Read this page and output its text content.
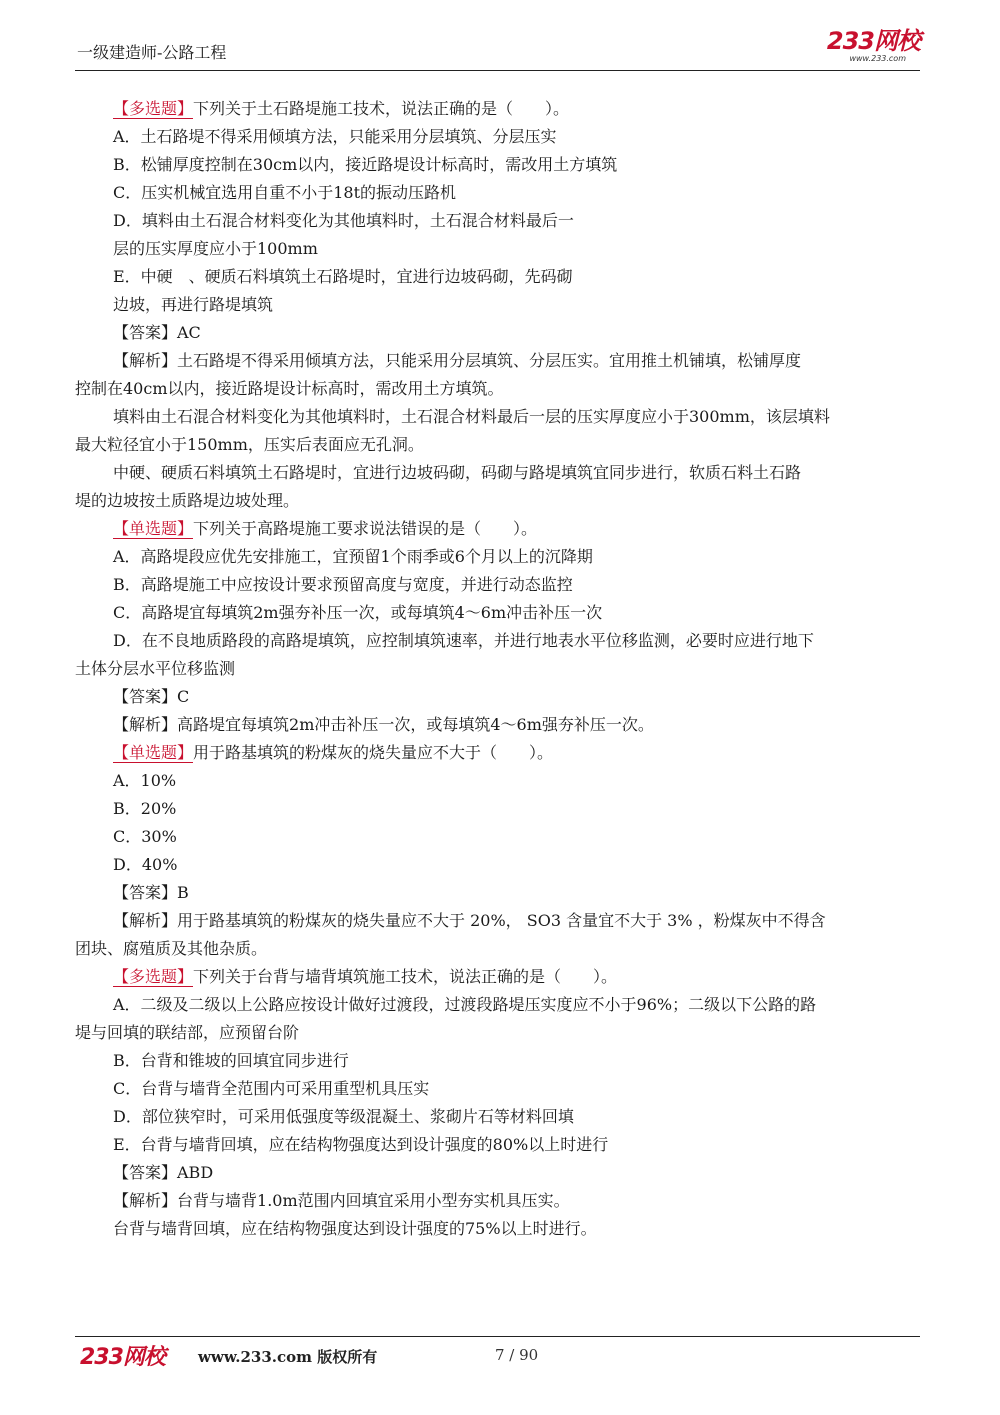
一级建造师-公路工程	233网校
www.233.com
【多选题】下列关于土石路堤施工技术，说法正确的是（　　）。
A．土石路堤不得采用倾填方法，只能采用分层填筑、分层压实
B．松铺厚度控制在30cm以内，接近路堤设计标高时，需改用土方填筑
C．压实机械宜选用自重不小于18t的振动压路机
D．填料由土石混合材料变化为其他填料时，土石混合材料最后一
层的压实厚度应小于100mm
E．中硬　、硬质石料填筑土石路堤时，宜进行边坡码砌，先码砌
边坡，再进行路堤填筑
【答案】AC
【解析】土石路堤不得采用倾填方法，只能采用分层填筑、分层压实。宜用推土机铺填，松铺厚度
控制在40cm以内，接近路堤设计标高时，需改用土方填筑。
填料由土石混合材料变化为其他填料时，土石混合材料最后一层的压实厚度应小于300mm，该层填料
最大粒径宜小于150mm，压实后表面应无孔洞。
中硬、硬质石料填筑土石路堤时，宜进行边坡码砌，码砌与路堤填筑宜同步进行，软质石料土石路
堤的边坡按土质路堤边坡处理。
【单选题】下列关于高路堤施工要求说法错误的是（　　）。
A．高路堤段应优先安排施工，宜预留1个雨季或6个月以上的沉降期
B．高路堤施工中应按设计要求预留高度与宽度，并进行动态监控
C．高路堤宜每填筑2m强夯补压一次，或每填筑4～6m冲击补压一次
D．在不良地质路段的高路堤填筑，应控制填筑速率，并进行地表水平位移监测，必要时应进行地下
土体分层水平位移监测
【答案】C
【解析】高路堤宜每填筑2m冲击补压一次，或每填筑4～6m强夯补压一次。
【单选题】用于路基填筑的粉煤灰的烧失量应不大于（　　）。
A．10%
B．20%
C．30%
D．40%
【答案】B
【解析】用于路基填筑的粉煤灰的烧失量应不大于 20%， SO3 含量宜不大于 3% ，粉煤灰中不得含
团块、腐殖质及其他杂质。
【多选题】下列关于台背与墙背填筑施工技术，说法正确的是（　　）。
A．二级及二级以上公路应按设计做好过渡段，过渡段路堤压实度应不小于96%；二级以下公路的路
堤与回填的联结部，应预留台阶
B．台背和锥坡的回填宜同步进行
C．台背与墙背全范围内可采用重型机具压实
D．部位狭窄时，可采用低强度等级混凝土、浆砌片石等材料回填
E．台背与墙背回填，应在结构物强度达到设计强度的80%以上时进行
【答案】ABD
【解析】台背与墙背1.0m范围内回填宜采用小型夯实机具压实。
台背与墙背回填，应在结构物强度达到设计强度的75%以上时进行。
233网校 www.233.com 版权所有	7 / 90
